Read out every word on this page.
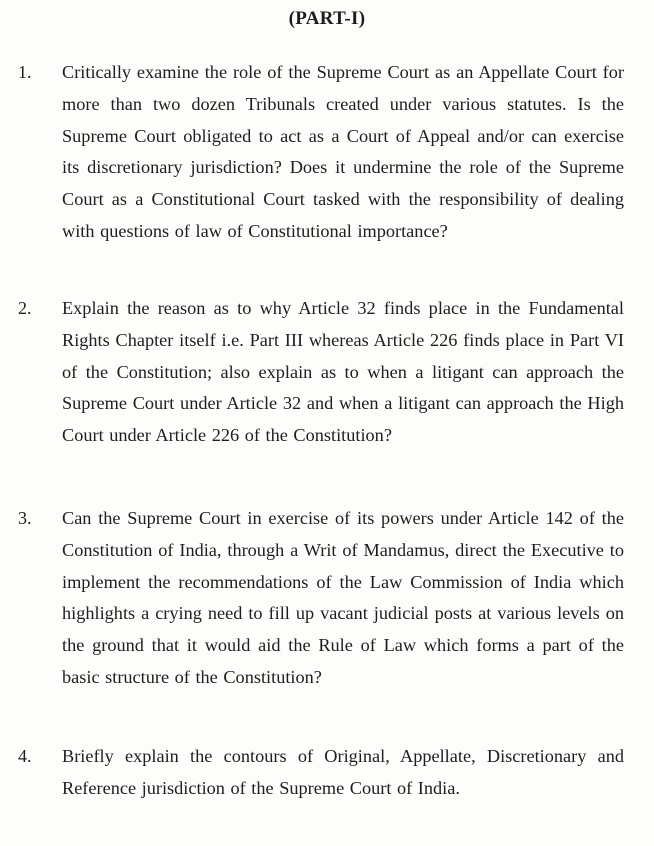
(PART-I)
1. Critically examine the role of the Supreme Court as an Appellate Court for more than two dozen Tribunals created under various statutes. Is the Supreme Court obligated to act as a Court of Appeal and/or can exercise its discretionary jurisdiction? Does it undermine the role of the Supreme Court as a Constitutional Court tasked with the responsibility of dealing with questions of law of Constitutional importance?
2. Explain the reason as to why Article 32 finds place in the Fundamental Rights Chapter itself i.e. Part III whereas Article 226 finds place in Part VI of the Constitution; also explain as to when a litigant can approach the Supreme Court under Article 32 and when a litigant can approach the High Court under Article 226 of the Constitution?
3. Can the Supreme Court in exercise of its powers under Article 142 of the Constitution of India, through a Writ of Mandamus, direct the Executive to implement the recommendations of the Law Commission of India which highlights a crying need to fill up vacant judicial posts at various levels on the ground that it would aid the Rule of Law which forms a part of the basic structure of the Constitution?
4. Briefly explain the contours of Original, Appellate, Discretionary and Reference jurisdiction of the Supreme Court of India.
